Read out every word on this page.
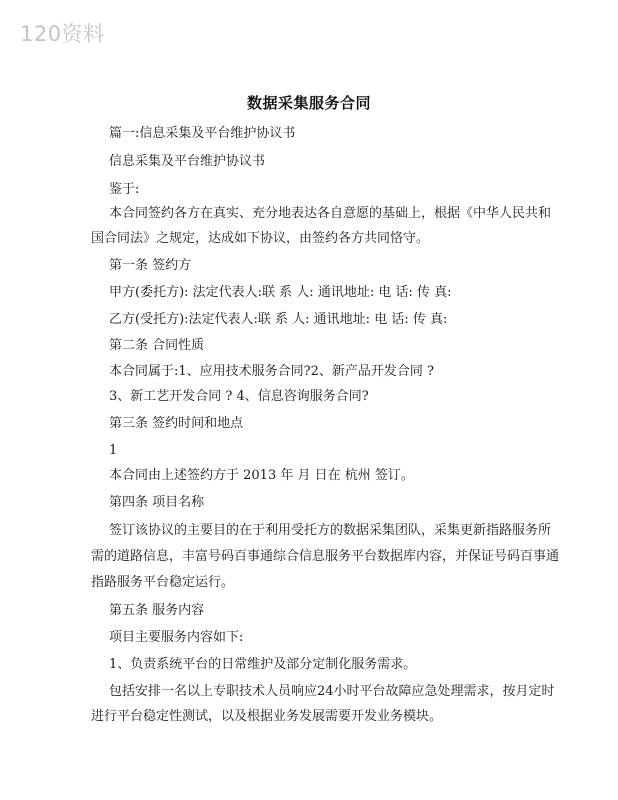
120资料
数据采集服务合同
篇一:信息采集及平台维护协议书
信息采集及平台维护协议书
鉴于:
本合同签约各方在真实、充分地表达各自意愿的基础上，根据《中华人民共和
国合同法》之规定，达成如下协议，由签约各方共同恪守。
第一条 签约方
甲方(委托方): 法定代表人:联 系 人: 通讯地址: 电 话: 传 真:
乙方(受托方):法定代表人:联 系 人: 通讯地址: 电 话: 传 真:
第二条 合同性质
本合同属于:1、应用技术服务合同?2、新产品开发合同 ?
3、新工艺开发合同 ? 4、信息咨询服务合同?
第三条 签约时间和地点
1
本合同由上述签约方于 2013 年 月 日在 杭州 签订。
第四条 项目名称
签订该协议的主要目的在于利用受托方的数据采集团队，采集更新指路服务所
需的道路信息，丰富号码百事通综合信息服务平台数据库内容，并保证号码百事通
指路服务平台稳定运行。
第五条 服务内容
项目主要服务内容如下:
1、负责系统平台的日常维护及部分定制化服务需求。
包括安排一名以上专职技术人员响应24小时平台故障应急处理需求，按月定时
进行平台稳定性测试，以及根据业务发展需要开发业务模块。
